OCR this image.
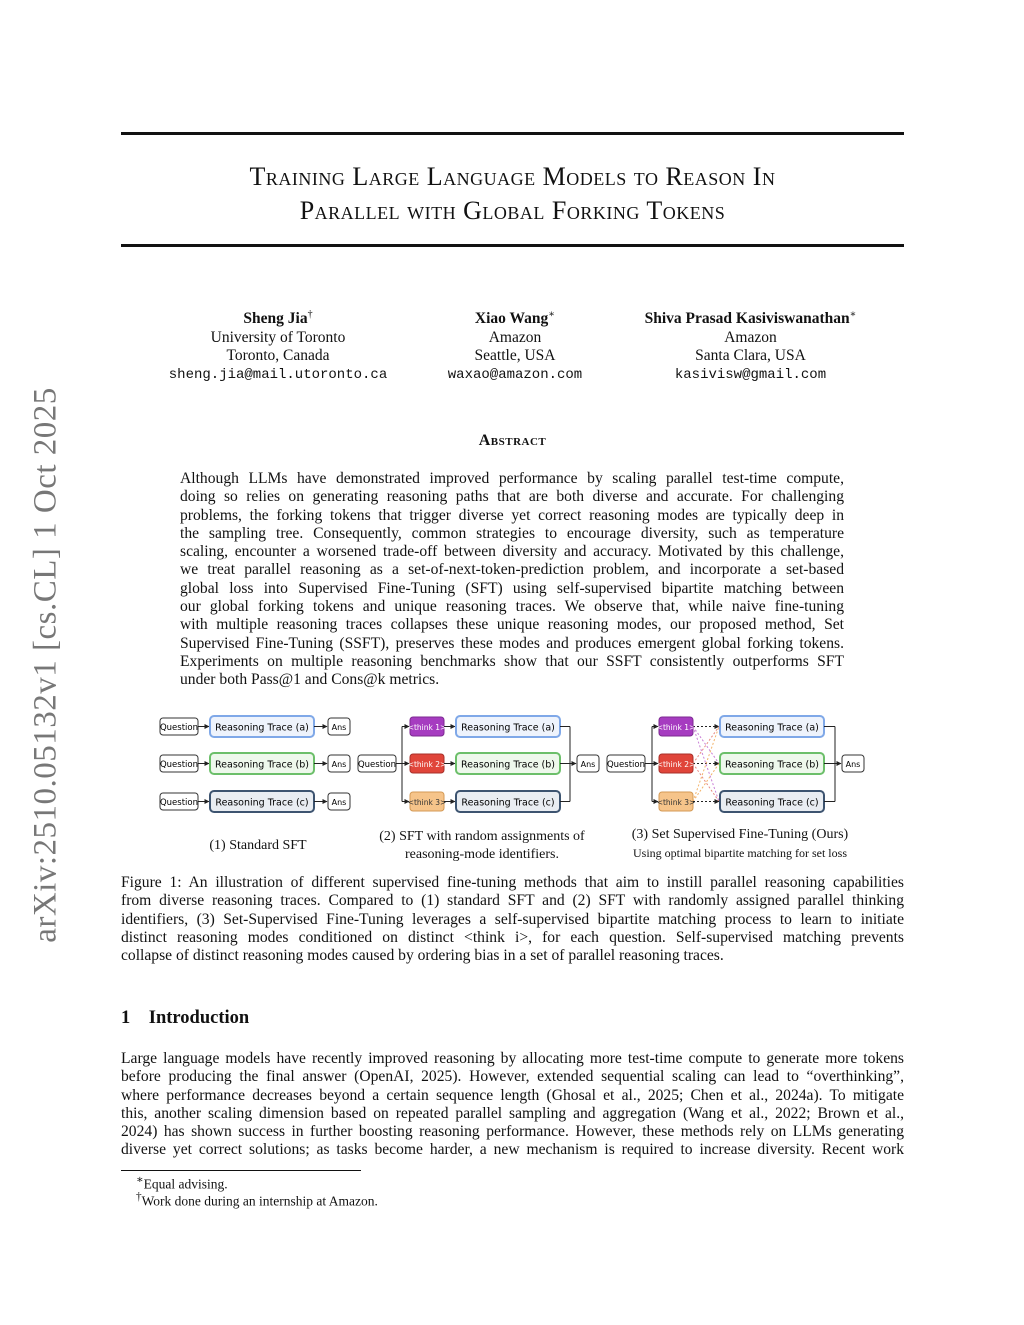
arXiv:2510.05132v1 [cs.CL] 1 Oct 2025
Training Large Language Models to Reason In
Parallel with Global Forking Tokens
Sheng Jia†
University of Toronto
Toronto, Canada
sheng.jia@mail.utoronto.ca
Xiao Wang∗
Amazon
Seattle, USA
waxao@amazon.com
Shiva Prasad Kasiviswanathan∗
Amazon
Santa Clara, USA
kasivisw@gmail.com
Abstract
Although LLMs have demonstrated improved performance by scaling parallel test-time compute,
doing so relies on generating reasoning paths that are both diverse and accurate. For challenging
problems, the forking tokens that trigger diverse yet correct reasoning modes are typically deep in
the sampling tree. Consequently, common strategies to encourage diversity, such as temperature
scaling, encounter a worsened trade-off between diversity and accuracy. Motivated by this challenge,
we treat parallel reasoning as a set-of-next-token-prediction problem, and incorporate a set-based
global loss into Supervised Fine-Tuning (SFT) using self-supervised bipartite matching between
our global forking tokens and unique reasoning traces. We observe that, while naive fine-tuning
with multiple reasoning traces collapses these unique reasoning modes, our proposed method, Set
Supervised Fine-Tuning (SSFT), preserves these modes and produces emergent global forking tokens.
Experiments on multiple reasoning benchmarks show that our SSFT consistently outperforms SFT
under both Pass@1 and Cons@k metrics.
Question Reasoning Trace (a)	Ans
Question Reasoning Trace (b)	Ans
Question Reasoning Trace (c)	Ans
Question
<think 1>
<think 2>
<think 3>
Reasoning Trace (a)
Reasoning Trace (b)
Reasoning Trace (c)
Ans Question
<think 1>
<think 2>
<think 3>
Reasoning Trace (a)
Reasoning Trace (b)
Reasoning Trace (c)
Ans
(1) Standard SFT
(2) SFT with random assignments of
reasoning-mode identifiers.
(3) Set Supervised Fine-Tuning (Ours)
Using optimal bipartite matching for set loss
Figure 1: An illustration of different supervised fine-tuning methods that aim to instill parallel reasoning capabilities
from diverse reasoning traces. Compared to (1) standard SFT and (2) SFT with randomly assigned parallel thinking
identifiers, (3) Set-Supervised Fine-Tuning leverages a self-supervised bipartite matching process to learn to initiate
distinct reasoning modes conditioned on distinct <think i>, for each question. Self-supervised matching prevents
collapse of distinct reasoning modes caused by ordering bias in a set of parallel reasoning traces.
1 Introduction
Large language models have recently improved reasoning by allocating more test-time compute to generate more tokens
before producing the final answer (OpenAI, 2025). However, extended sequential scaling can lead to “overthinking”,
where performance decreases beyond a certain sequence length (Ghosal et al., 2025; Chen et al., 2024a). To mitigate
this, another scaling dimension based on repeated parallel sampling and aggregation (Wang et al., 2022; Brown et al.,
2024) has shown success in further boosting reasoning performance. However, these methods rely on LLMs generating
diverse yet correct solutions; as tasks become harder, a new mechanism is required to increase diversity. Recent work
∗Equal advising.
†Work done during an internship at Amazon.
